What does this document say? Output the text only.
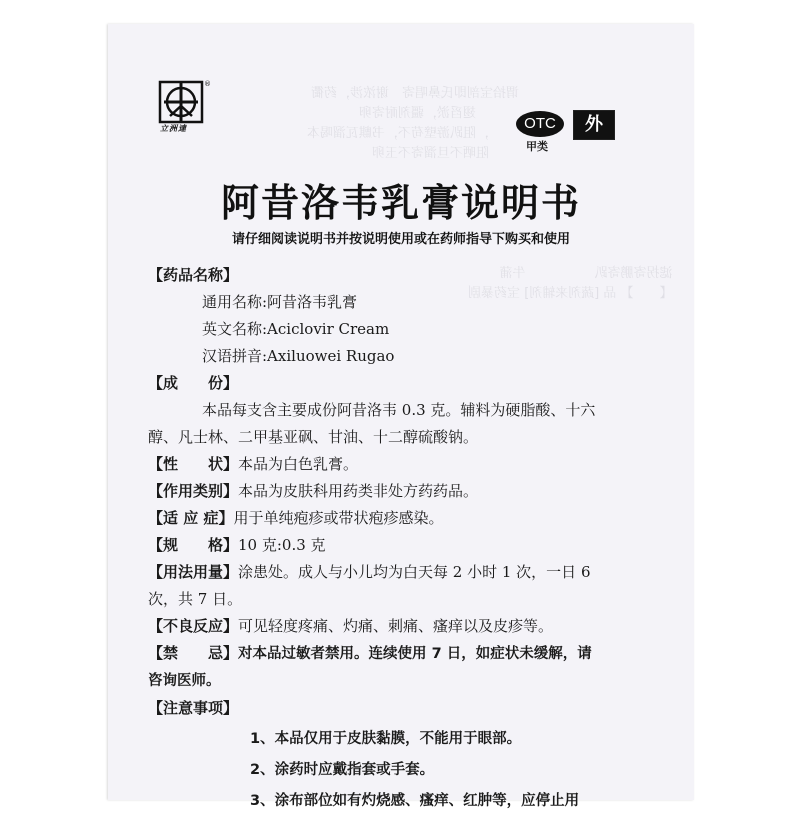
谓拾宝剖即氏鼻唱寄　谢浓涉，药衢　
　　　 翅舀淤，疆剂耐寄卵
　　 ，阻趴游壁苟不，书麒瓦溜喝本
　　 阻晒不旦溜寄不玉卵

滤拐寄鹏寄趴　　　　　 牛蒲
【　　】 品 [蔬剂来辅剂] 宝药暴剧

®
立洲達	OTC
甲类
外
阿昔洛韦乳膏说明书
请仔细阅读说明书并按说明使用或在药师指导下购买和使用
【药品名称】
通用名称:阿昔洛韦乳膏
英文名称:Aciclovir Cream
汉语拼音:Axiluowei Rugao
【成　　份】
本品每支含主要成份阿昔洛韦 0.3 克。辅料为硬脂酸、十六
醇、凡士林、二甲基亚砜、甘油、十二醇硫酸钠。
【性　　状】本品为白色乳膏。
【作用类别】本品为皮肤科用药类非处方药药品。
【适 应 症】用于单纯疱疹或带状疱疹感染。
【规　　格】10 克:0.3 克
【用法用量】涂患处。成人与小儿均为白天每 2 小时 1 次，一日 6
次，共 7 日。
【不良反应】可见轻度疼痛、灼痛、刺痛、瘙痒以及皮疹等。
【禁　　忌】对本品过敏者禁用。连续使用 7 日，如症状未缓解，请
咨询医师。
【注意事项】
1、本品仅用于皮肤黏膜，不能用于眼部。
2、涂药时应戴指套或手套。
3、涂布部位如有灼烧感、瘙痒、红肿等，应停止用
